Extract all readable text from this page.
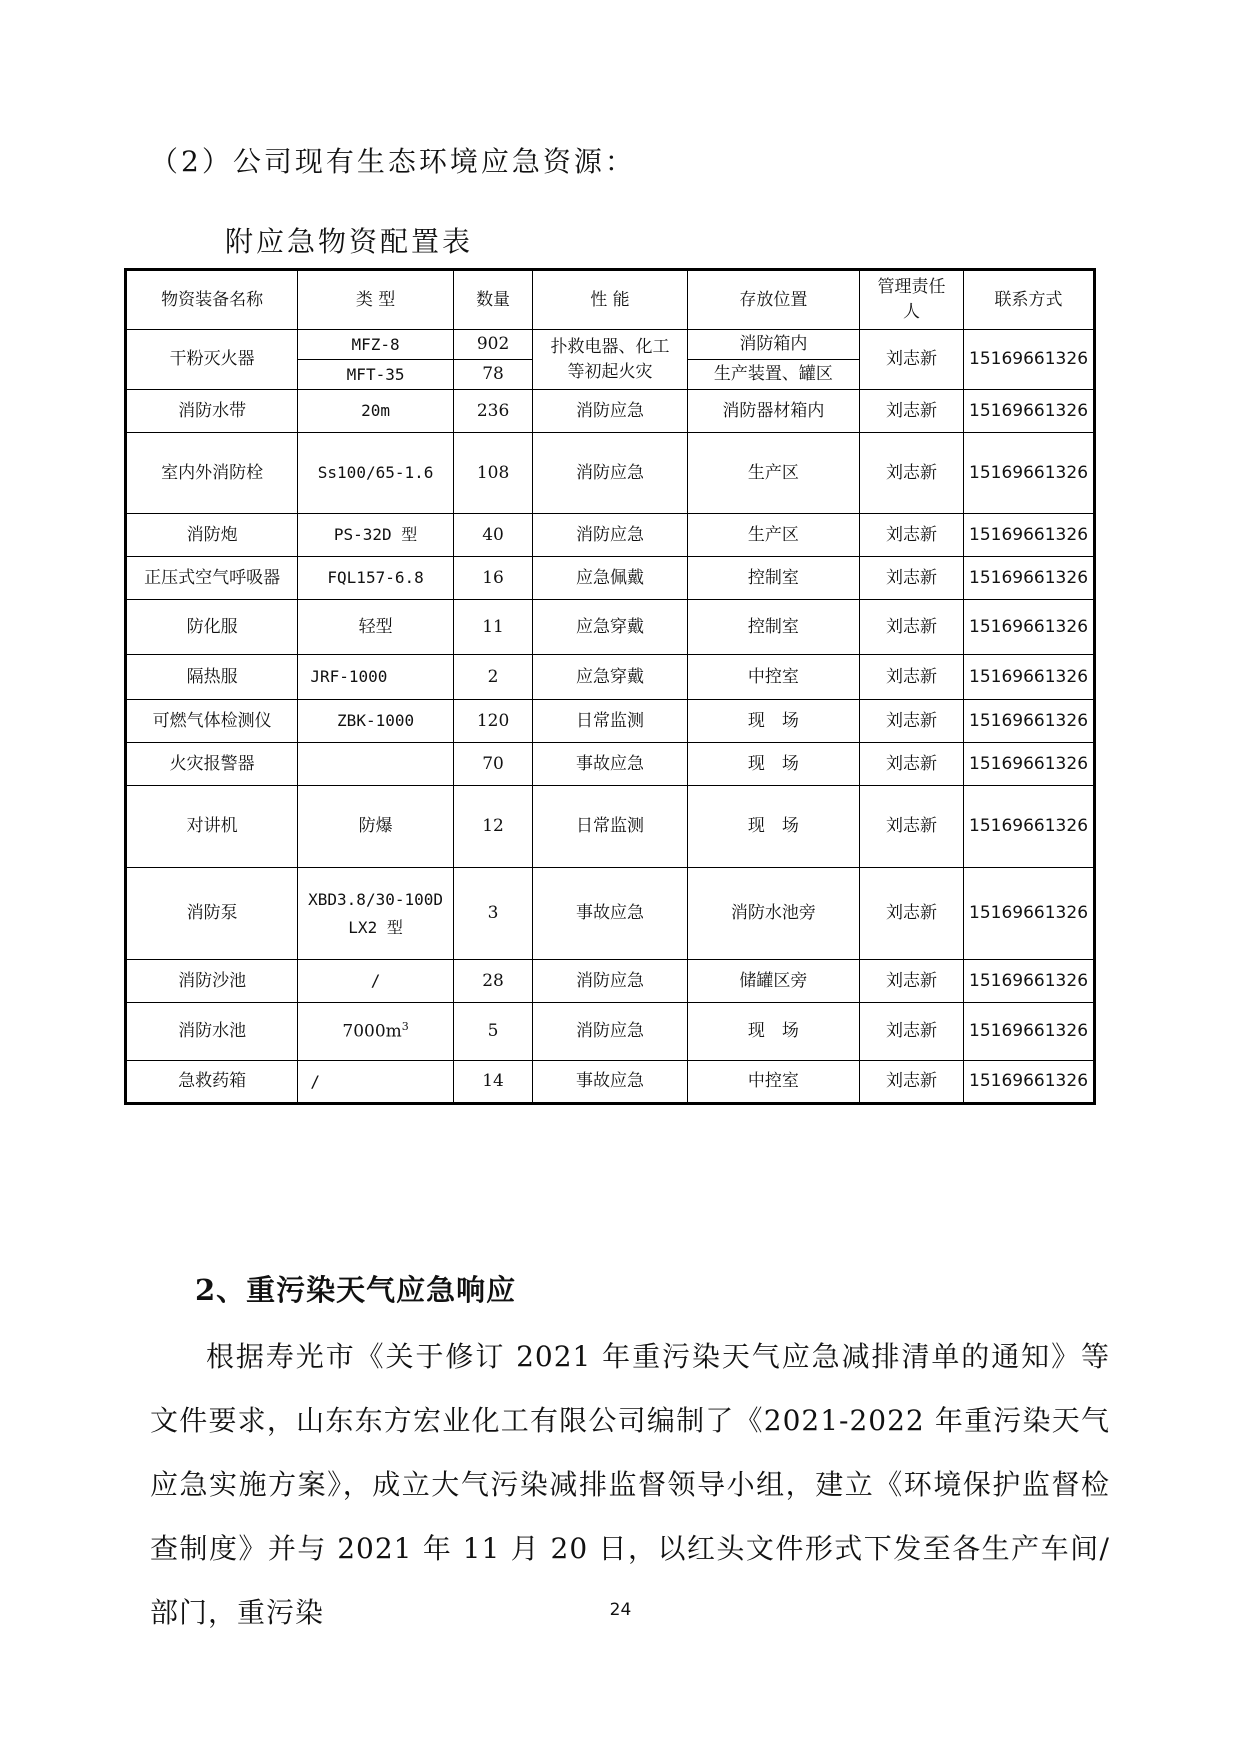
（2）公司现有生态环境应急资源：
附应急物资配置表
物资装备名称	类 型	数量	性 能	存放位置	管理责任人	联系方式
干粉灭火器	MFZ-8	902	扑救电器、化工等初起火灾	消防箱内	刘志新	15169661326
	MFT-35	78		生产装置、罐区		
消防水带	20m	236	消防应急	消防器材箱内	刘志新	15169661326
室内外消防栓	Ss100/65-1.6	108	消防应急	生产区	刘志新	15169661326
消防炮	PS-32D 型	40	消防应急	生产区	刘志新	15169661326
正压式空气呼吸器	FQL157-6.8	16	应急佩戴	控制室	刘志新	15169661326
防化服	轻型	11	应急穿戴	控制室	刘志新	15169661326
隔热服	JRF-1000	2	应急穿戴	中控室	刘志新	15169661326
可燃气体检测仪	ZBK-1000	120	日常监测	现　场	刘志新	15169661326
火灾报警器		70	事故应急	现　场	刘志新	15169661326
对讲机	防爆	12	日常监测	现　场	刘志新	15169661326
消防泵	XBD3.8/30-100D
LX2 型	3	事故应急	消防水池旁	刘志新	15169661326
消防沙池	/	28	消防应急	储罐区旁	刘志新	15169661326
消防水池	$7000m^3$	5	消防应急	现　场	刘志新	15169661326
急救药箱	/	14	事故应急	中控室	刘志新	15169661326
2、重污染天气应急响应

根据寿光市《关于修订 2021 年重污染天气应急减排清单的通知》等文件要求，山东东方宏业化工有限公司编制了《2021-2022 年重污染天气应急实施方案》，成立大气污染减排监督领导小组，建立《环境保护监督检查制度》并与 2021 年 11 月 20 日，以红头文件形式下发至各生产车间/部门，重污染	24
